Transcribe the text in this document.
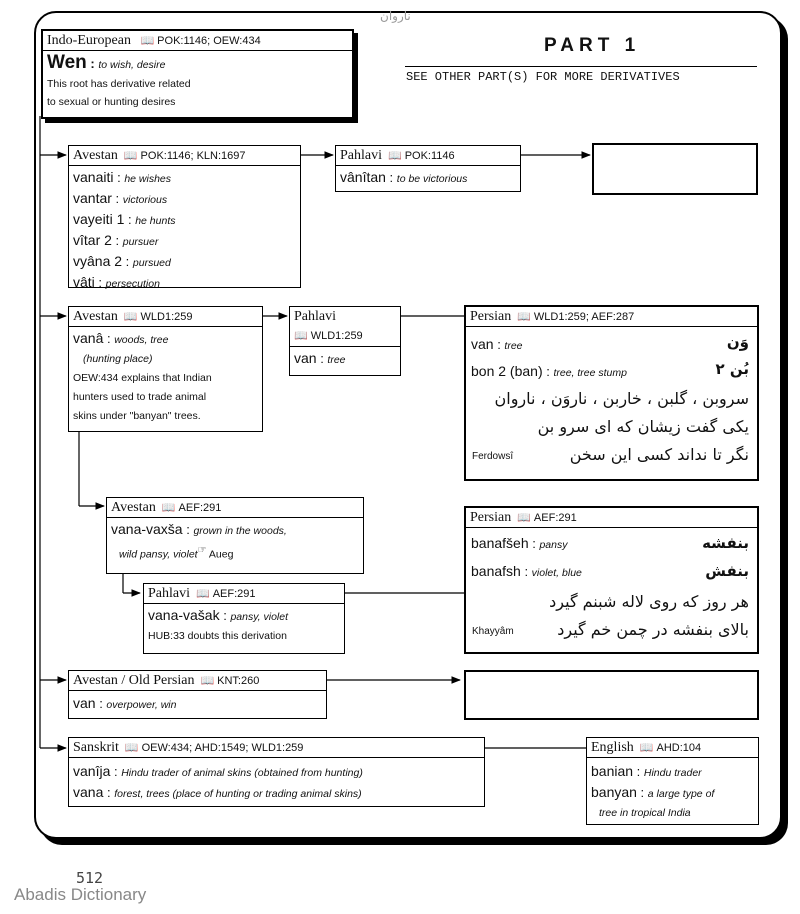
ناروان
PART 1
SEE OTHER PART(S) FOR MORE DERIVATIVES
Indo-European 📖 POK:1146; OEW:434
Wen : to wish, desire
This root has derivative related
to sexual or hunting desires
Avestan 📖 POK:1146; KLN:1697
vanaiti : he wishes
vantar : victorious
vayeiti 1 : he hunts
vîtar 2 : pursuer
vyâna 2 : pursued
vâti : persecution
Pahlavi 📖 POK:1146
vânîtan : to be victorious
Avestan 📖 WLD1:259
vanâ : woods, tree
(hunting place)
OEW:434 explains that Indian
hunters used to trade animal
skins under "banyan" trees.
Pahlavi
📖 WLD1:259
van : tree
Persian 📖 WLD1:259; AEF:287
van : tree	وَن
bon 2 (ban) : tree, tree stump	بُن ۲
سروبن ، گلبن ، خاربن ، ناروَن ، ناروان
یکی گفت زیشان که ای سرو بن
نگر تا نداند کسی این سخن
Ferdowsî
Avestan 📖 AEF:291
vana-vaxša : grown in the woods,
wild pansy, violet☞ Aueg
Pahlavi 📖 AEF:291
vana-vašak : pansy, violet
HUB:33 doubts this derivation
Persian 📖 AEF:291
banafšeh : pansy	بنفشه
banafsh : violet, blue	بنفش
هر روز که روی لاله شبنم گیرد
بالای بنفشه در چمن خم گیرد
Khayyâm
Avestan / Old Persian 📖 KNT:260
van : overpower, win
Sanskrit 📖 OEW:434; AHD:1549; WLD1:259
vanîja : Hindu trader of animal skins (obtained from hunting)
vana : forest, trees (place of hunting or trading animal skins)
English 📖 AHD:104
banian : Hindu trader
banyan : a large type of
tree in tropical India
512
Abadis Dictionary
